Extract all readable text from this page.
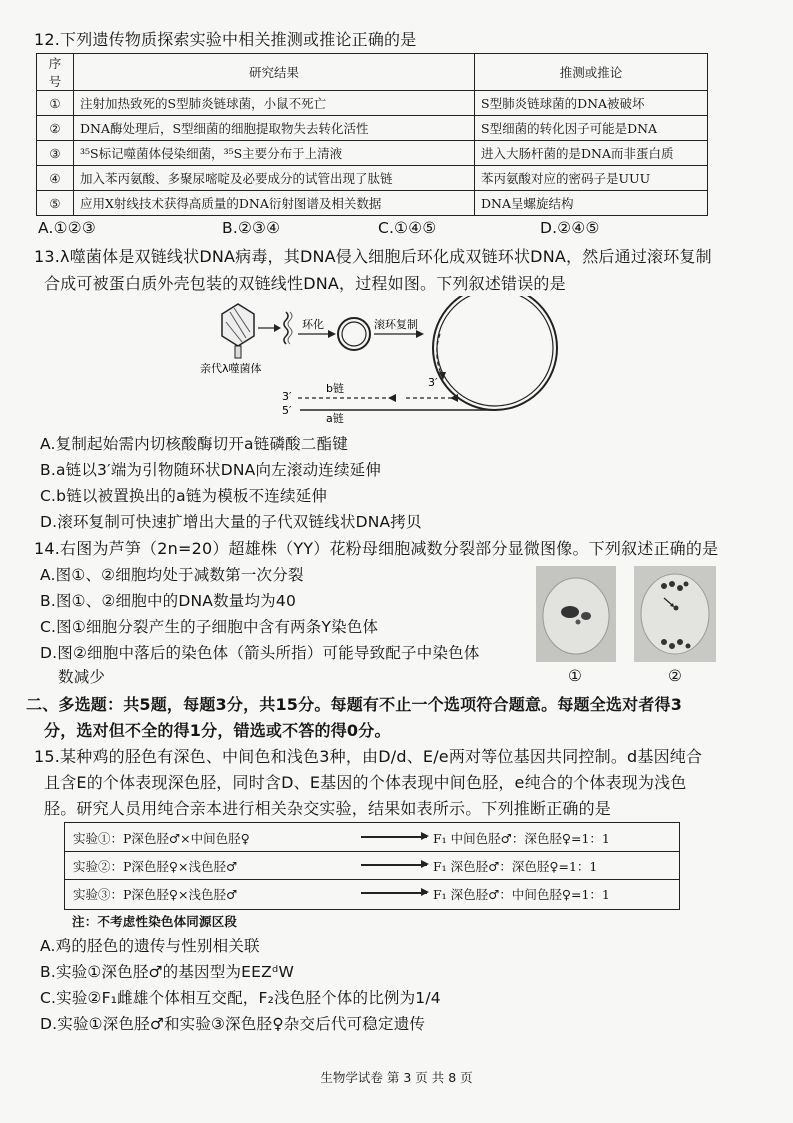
12.下列遗传物质探索实验中相关推测或推论正确的是
序号	研究结果	推测或推论
①	注射加热致死的S型肺炎链球菌，小鼠不死亡	S型肺炎链球菌的DNA被破坏
②	DNA酶处理后，S型细菌的细胞提取物失去转化活性	S型细菌的转化因子可能是DNA
③	³⁵S标记噬菌体侵染细菌，³⁵S主要分布于上清液	进入大肠杆菌的是DNA而非蛋白质
④	加入苯丙氨酸、多聚尿嘧啶及必要成分的试管出现了肽链	苯丙氨酸对应的密码子是UUU
⑤	应用X射线技术获得高质量的DNA衍射图谱及相关数据	DNA呈螺旋结构
A.①②③	B.②③④	C.①④⑤	D.②④⑤
13.λ噬菌体是双链线状DNA病毒，其DNA侵入细胞后环化成双链环状DNA，然后通过滚环复制
合成可被蛋白质外壳包装的双链线性DNA，过程如图。下列叙述错误的是
环化	滚环复制
3′
3′
5′
b链
a链
亲代λ噬菌体
A.复制起始需内切核酸酶切开a链磷酸二酯键
B.a链以3′端为引物随环状DNA向左滚动连续延伸
C.b链以被置换出的a链为模板不连续延伸
D.滚环复制可快速扩增出大量的子代双链线状DNA拷贝
14.右图为芦笋（2n=20）超雄株（YY）花粉母细胞减数分裂部分显微图像。下列叙述正确的是
A.图①、②细胞均处于减数第一次分裂
B.图①、②细胞中的DNA数量均为40
C.图①细胞分裂产生的子细胞中含有两条Y染色体
D.图②细胞中落后的染色体（箭头所指）可能导致配子中染色体
数减少	①	②
二、多选题：共5题，每题3分，共15分。每题有不止一个选项符合题意。每题全选对者得3
分，选对但不全的得1分，错选或不答的得0分。
15.某种鸡的胫色有深色、中间色和浅色3种，由D/d、E/e两对等位基因共同控制。d基因纯合
且含E的个体表现深色胫，同时含D、E基因的个体表现中间色胫，e纯合的个体表现为浅色
胫。研究人员用纯合亲本进行相关杂交实验，结果如表所示。下列推断正确的是
实验①：P深色胫♂×中间色胫♀	F₁ 中间色胫♂：深色胫♀=1：1
实验②：P深色胫♀×浅色胫♂	F₁ 深色胫♂：深色胫♀=1：1
实验③：P深色胫♀×浅色胫♂	F₁ 深色胫♂：中间色胫♀=1：1
注：不考虑性染色体同源区段
A.鸡的胫色的遗传与性别相关联
B.实验①深色胫♂的基因型为EEZᵈW
C.实验②F₁雌雄个体相互交配，F₂浅色胫个体的比例为1/4
D.实验①深色胫♂和实验③深色胫♀杂交后代可稳定遗传
生物学试卷 第 3 页 共 8 页
